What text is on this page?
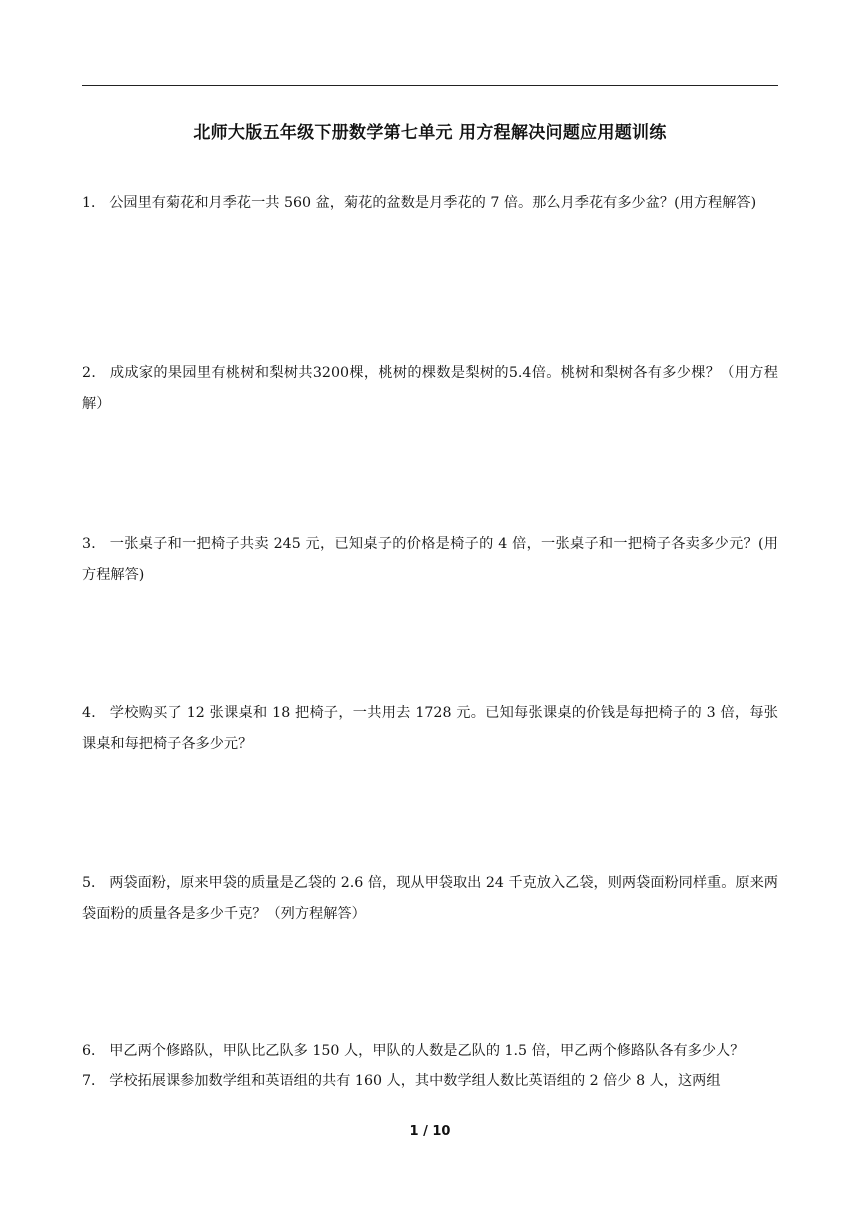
北师大版五年级下册数学第七单元 用方程解决问题应用题训练
1． 公园里有菊花和月季花一共 560 盆，菊花的盆数是月季花的 7 倍。那么月季花有多少盆？(用方程解答)
2． 成成家的果园里有桃树和梨树共3200棵，桃树的棵数是梨树的5.4倍。桃树和梨树各有多少棵？（用方程解）
3． 一张桌子和一把椅子共卖 245 元，已知桌子的价格是椅子的 4 倍，一张桌子和一把椅子各卖多少元？(用方程解答)
4． 学校购买了 12 张课桌和 18 把椅子，一共用去 1728 元。已知每张课桌的价钱是每把椅子的 3 倍，每张课桌和每把椅子各多少元？
5． 两袋面粉，原来甲袋的质量是乙袋的 2.6 倍，现从甲袋取出 24 千克放入乙袋，则两袋面粉同样重。原来两袋面粉的质量各是多少千克？（列方程解答）
6． 甲乙两个修路队，甲队比乙队多 150 人，甲队的人数是乙队的 1.5 倍，甲乙两个修路队各有多少人？
7． 学校拓展课参加数学组和英语组的共有 160 人，其中数学组人数比英语组的 2 倍少 8 人，这两组
1 / 10
